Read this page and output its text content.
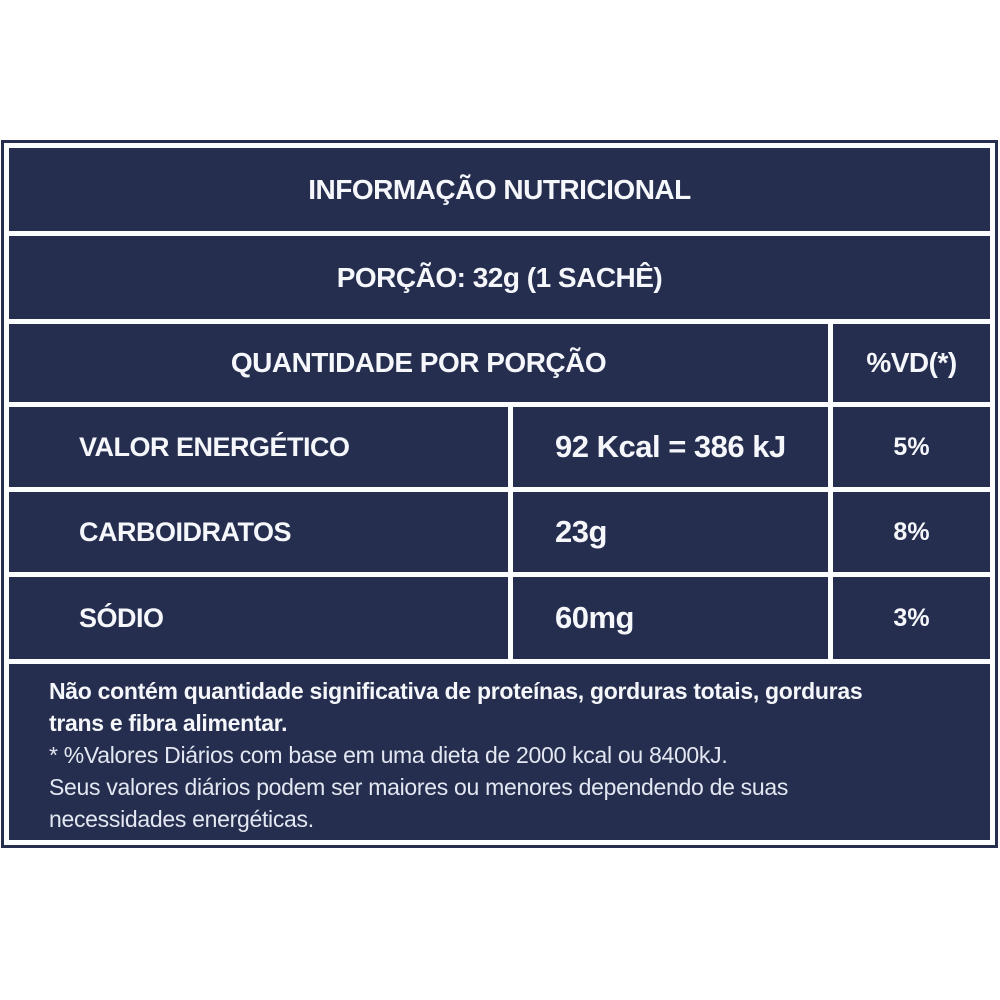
INFORMAÇÃO NUTRICIONAL
PORÇÃO: 32g (1 SACHÊ)
QUANTIDADE POR PORÇÃO	%VD(*)
VALOR ENERGÉTICO	92 Kcal = 386 kJ	5%
CARBOIDRATOS	23g	8%
SÓDIO	60mg	3%
Não contém quantidade significativa de proteínas, gorduras totais, gorduras
trans e fibra alimentar.
* %Valores Diários com base em uma dieta de 2000 kcal ou 8400kJ.
Seus valores diários podem ser maiores ou menores dependendo de suas
necessidades energéticas.
